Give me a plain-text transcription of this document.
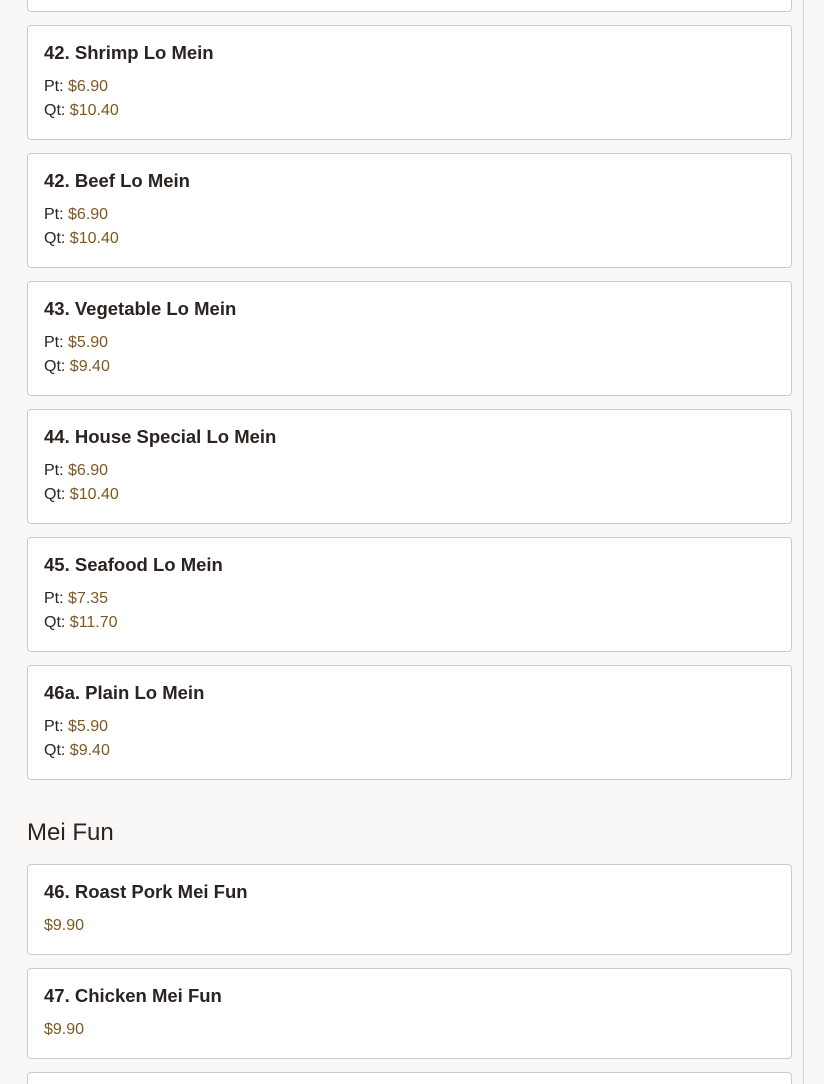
42. Shrimp Lo Mein
Pt: $6.90
Qt: $10.40
42. Beef Lo Mein
Pt: $6.90
Qt: $10.40
43. Vegetable Lo Mein
Pt: $5.90
Qt: $9.40
44. House Special Lo Mein
Pt: $6.90
Qt: $10.40
45. Seafood Lo Mein
Pt: $7.35
Qt: $11.70
46a. Plain Lo Mein
Pt: $5.90
Qt: $9.40
Mei Fun
46. Roast Pork Mei Fun
$9.90
47. Chicken Mei Fun
$9.90
